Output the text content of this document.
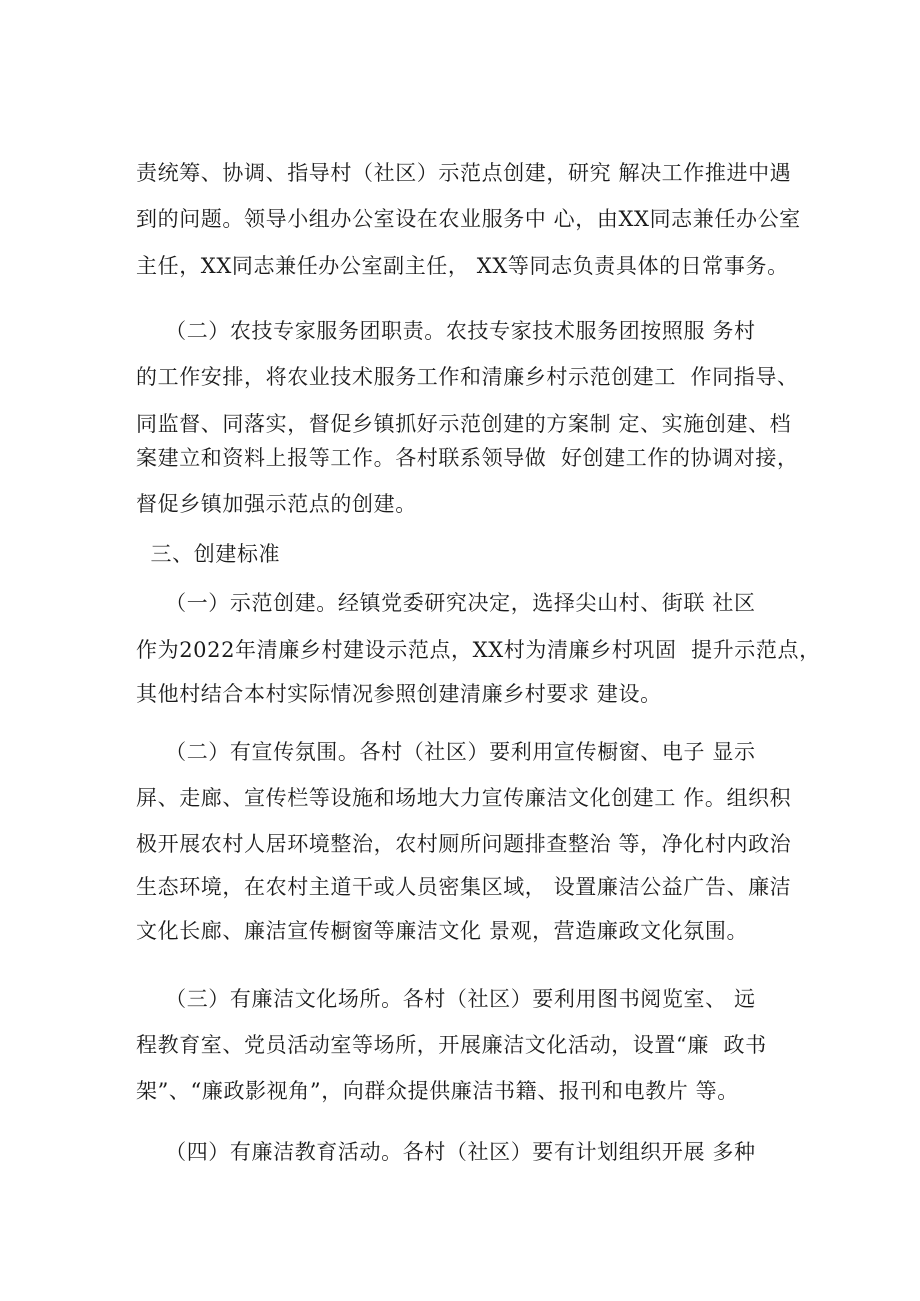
责统筹、协调、指导村（社区）示范点创建，研究 解决工作推进中遇
到的问题。领导小组办公室设在农业服务中 心，由XX同志兼任办公室
主任，XX同志兼任办公室副主任， XX等同志负责具体的日常事务。
（二）农技专家服务团职责。农技专家技术服务团按照服 务村
的工作安排，将农业技术服务工作和清廉乡村示范创建工  作同指导、
同监督、同落实，督促乡镇抓好示范创建的方案制 定、实施创建、档
案建立和资料上报等工作。各村联系领导做  好创建工作的协调对接，
督促乡镇加强示范点的创建。
三、创建标准
（一）示范创建。经镇党委研究决定，选择尖山村、街联 社区
作为2022年清廉乡村建设示范点，XX村为清廉乡村巩固  提升示范点，
其他村结合本村实际情况参照创建清廉乡村要求 建设。
（二）有宣传氛围。各村（社区）要利用宣传橱窗、电子 显示
屏、走廊、宣传栏等设施和场地大力宣传廉洁文化创建工 作。组织积
极开展农村人居环境整治，农村厕所问题排查整治 等，净化村内政治
生态环境，在农村主道干或人员密集区域， 设置廉洁公益广告、廉洁
文化长廊、廉洁宣传橱窗等廉洁文化 景观，营造廉政文化氛围。
（三）有廉洁文化场所。各村（社区）要利用图书阅览室、 远
程教育室、党员活动室等场所，开展廉洁文化活动，设置“廉  政书
架”、“廉政影视角”，向群众提供廉洁书籍、报刊和电教片 等。
（四）有廉洁教育活动。各村（社区）要有计划组织开展 多种
